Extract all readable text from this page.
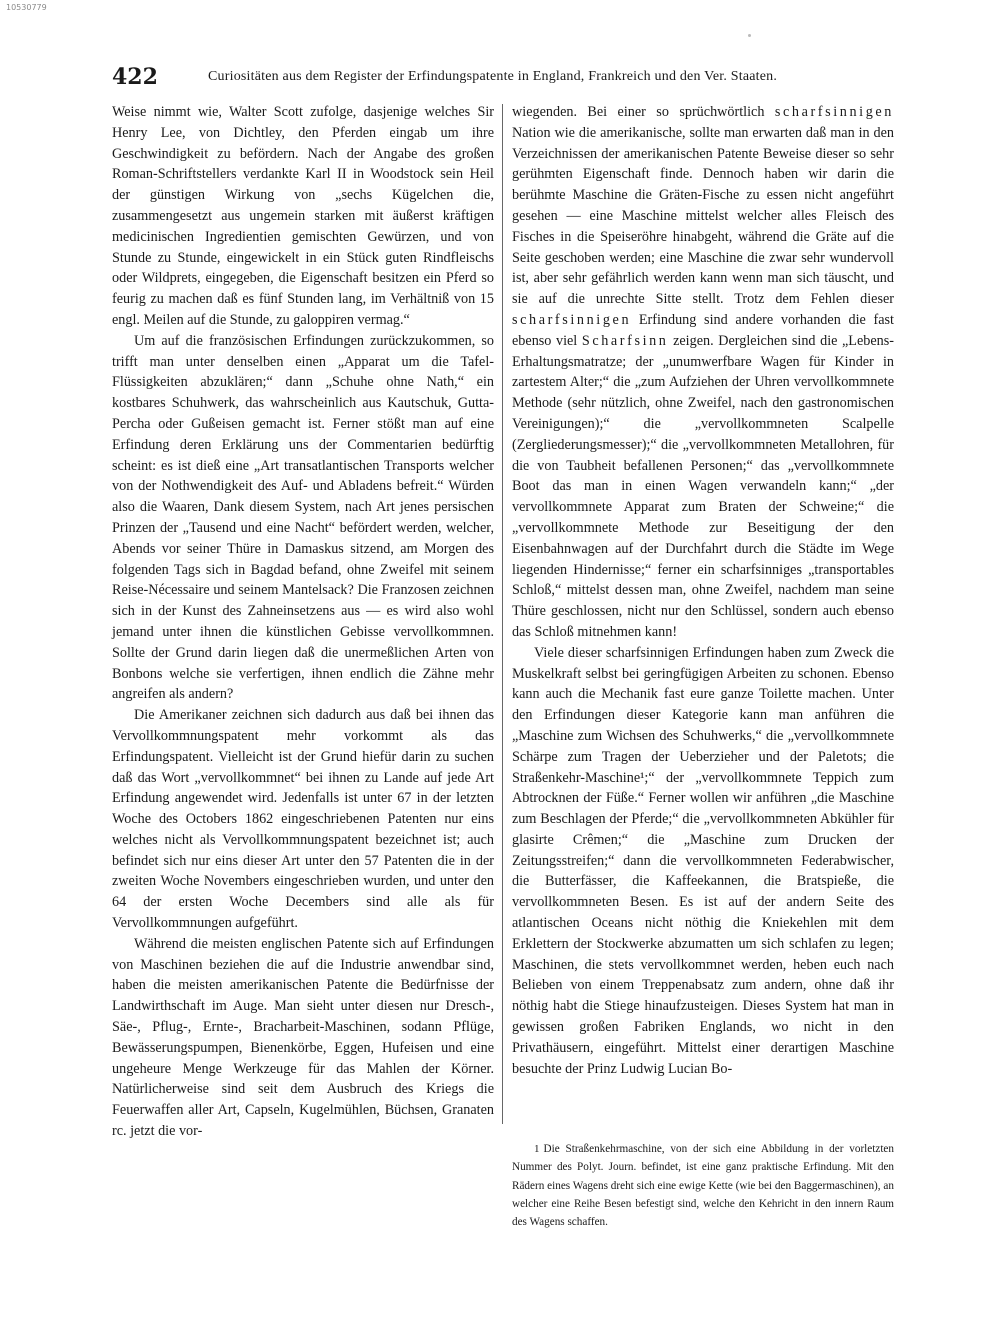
10530779
422	Curiositäten aus dem Register der Erfindungspatente in England, Frankreich und den Ver. Staaten.

Weise nimmt wie, Walter Scott zufolge, dasjenige welches Sir Henry Lee, von Dichtley, den Pferden eingab um ihre Geschwindigkeit zu befördern. Nach der Angabe des großen Roman-Schriftstellers verdankte Karl II in Woodstock sein Heil der günstigen Wirkung von „sechs Kügelchen die, zusammengesetzt aus ungemein starken mit äußerst kräftigen medicinischen Ingredientien gemischten Gewürzen, und von Stunde zu Stunde, eingewickelt in ein Stück guten Rindfleischs oder Wildprets, eingegeben, die Eigenschaft besitzen ein Pferd so feurig zu machen daß es fünf Stunden lang, im Verhältniß von 15 engl. Meilen auf die Stunde, zu galoppiren vermag.“

Um auf die französischen Erfindungen zurückzukommen, so trifft man unter denselben einen „Apparat um die Tafel-Flüssigkeiten abzuklären;“ dann „Schuhe ohne Nath,“ ein kostbares Schuhwerk, das wahrscheinlich aus Kautschuk, Gutta-Percha oder Gußeisen gemacht ist. Ferner stößt man auf eine Erfindung deren Erklärung uns der Commentarien bedürftig scheint: es ist dieß eine „Art transatlantischen Transports welcher von der Nothwendigkeit des Auf- und Abladens befreit.“ Würden also die Waaren, Dank diesem System, nach Art jenes persischen Prinzen der „Tausend und eine Nacht“ befördert werden, welcher, Abends vor seiner Thüre in Damaskus sitzend, am Morgen des folgenden Tags sich in Bagdad befand, ohne Zweifel mit seinem Reise-Nécessaire und seinem Mantelsack? Die Franzosen zeichnen sich in der Kunst des Zahneinsetzens aus — es wird also wohl jemand unter ihnen die künstlichen Gebisse vervollkommnen. Sollte der Grund darin liegen daß die unermeßlichen Arten von Bonbons welche sie verfertigen, ihnen endlich die Zähne mehr angreifen als andern?

Die Amerikaner zeichnen sich dadurch aus daß bei ihnen das Vervollkommnungspatent mehr vorkommt als das Erfindungspatent. Vielleicht ist der Grund hiefür darin zu suchen daß das Wort „vervollkommnet“ bei ihnen zu Lande auf jede Art Erfindung angewendet wird. Jedenfalls ist unter 67 in der letzten Woche des Octobers 1862 eingeschriebenen Patenten nur eins welches nicht als Vervollkommnungspatent bezeichnet ist; auch befindet sich nur eins dieser Art unter den 57 Patenten die in der zweiten Woche Novembers eingeschrieben wurden, und unter den 64 der ersten Woche Decembers sind alle als für Vervollkommnungen aufgeführt.

Während die meisten englischen Patente sich auf Erfindungen von Maschinen beziehen die auf die Industrie anwendbar sind, haben die meisten amerikanischen Patente die Bedürfnisse der Landwirthschaft im Auge. Man sieht unter diesen nur Dresch-, Säe-, Pflug-, Ernte-, Bracharbeit-Maschinen, sodann Pflüge, Bewässerungspumpen, Bienenkörbe, Eggen, Hufeisen und eine ungeheure Menge Werkzeuge für das Mahlen der Körner. Natürlicherweise sind seit dem Ausbruch des Kriegs die Feuerwaffen aller Art, Capseln, Kugelmühlen, Büchsen, Granaten rc. jetzt die vor-

wiegenden. Bei einer so sprüchwörtlich scharfsinnigen Nation wie die amerikanische, sollte man erwarten daß man in den Verzeichnissen der amerikanischen Patente Beweise dieser so sehr gerühmten Eigenschaft finde. Dennoch haben wir darin die berühmte Maschine die Gräten-Fische zu essen nicht angeführt gesehen — eine Maschine mittelst welcher alles Fleisch des Fisches in die Speiseröhre hinabgeht, während die Gräte auf die Seite geschoben werden; eine Maschine die zwar sehr wundervoll ist, aber sehr gefährlich werden kann wenn man sich täuscht, und sie auf die unrechte Sitte stellt. Trotz dem Fehlen dieser scharfsinnigen Erfindung sind andere vorhanden die fast ebenso viel Scharfsinn zeigen. Dergleichen sind die „Lebens-Erhaltungsmatratze; der „unumwerfbare Wagen für Kinder in zartestem Alter;“ die „zum Aufziehen der Uhren vervollkommnete Methode (sehr nützlich, ohne Zweifel, nach den gastronomischen Vereinigungen);“ die „vervollkommneten Scalpelle (Zergliederungsmesser);“ die „vervollkommneten Metallohren, für die von Taubheit befallenen Personen;“ das „vervollkommnete Boot das man in einen Wagen verwandeln kann;“ „der vervollkommnete Apparat zum Braten der Schweine;“ die „vervollkommnete Methode zur Beseitigung der den Eisenbahnwagen auf der Durchfahrt durch die Städte im Wege liegenden Hindernisse;“ ferner ein scharfsinniges „transportables Schloß,“ mittelst dessen man, ohne Zweifel, nachdem man seine Thüre geschlossen, nicht nur den Schlüssel, sondern auch ebenso das Schloß mitnehmen kann!

Viele dieser scharfsinnigen Erfindungen haben zum Zweck die Muskelkraft selbst bei geringfügigen Arbeiten zu schonen. Ebenso kann auch die Mechanik fast eure ganze Toilette machen. Unter den Erfindungen dieser Kategorie kann man anführen die „Maschine zum Wichsen des Schuhwerks,“ die „vervollkommnete Schärpe zum Tragen der Ueberzieher und der Paletots; die Straßenkehr-Maschine¹;“ der „vervollkommnete Teppich zum Abtrocknen der Füße.“ Ferner wollen wir anführen „die Maschine zum Beschlagen der Pferde;“ die „vervollkommneten Abkühler für glasirte Crêmen;“ die „Maschine zum Drucken der Zeitungsstreifen;“ dann die vervollkommneten Federabwischer, die Butterfässer, die Kaffeekannen, die Bratspieße, die vervollkommneten Besen. Es ist auf der andern Seite des atlantischen Oceans nicht nöthig die Kniekehlen mit dem Erklettern der Stockwerke abzumatten um sich schlafen zu legen; Maschinen, die stets vervollkommnet werden, heben euch nach Belieben von einem Treppenabsatz zum andern, ohne daß ihr nöthig habt die Stiege hinaufzusteigen. Dieses System hat man in gewissen großen Fabriken Englands, wo nicht in den Privathäusern, eingeführt. Mittelst einer derartigen Maschine besuchte der Prinz Ludwig Lucian Bo-

1 Die Straßenkehrmaschine, von der sich eine Abbildung in der vorletzten Nummer des Polyt. Journ. befindet, ist eine ganz praktische Erfindung. Mit den Rädern eines Wagens dreht sich eine ewige Kette (wie bei den Baggermaschinen), an welcher eine Reihe Besen befestigt sind, welche den Kehricht in den innern Raum des Wagens schaffen.
